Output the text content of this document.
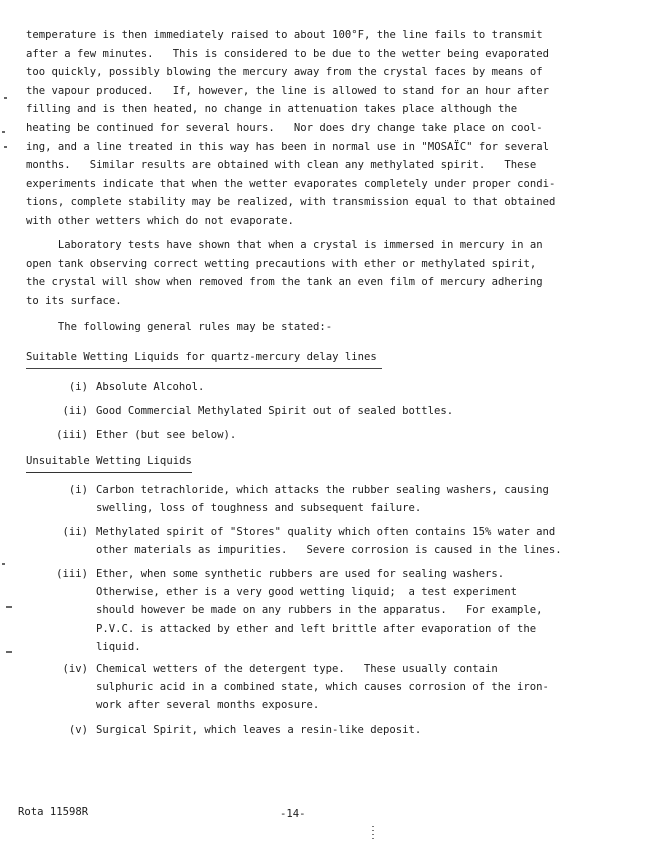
temperature is then immediately raised to about 100°F, the line fails to transmit
after a few minutes.   This is considered to be due to the wetter being evaporated
too quickly, possibly blowing the mercury away from the crystal faces by means of
the vapour produced.   If, however, the line is allowed to stand for an hour after
filling and is then heated, no change in attenuation takes place although the
heating be continued for several hours.   Nor does dry change take place on cool-
ing, and a line treated in this way has been in normal use in "MOSAÏC" for several
months.   Similar results are obtained with clean any methylated spirit.   These
experiments indicate that when the wetter evaporates completely under proper condi-
tions, complete stability may be realized, with transmission equal to that obtained
with other wetters which do not evaporate.
Laboratory tests have shown that when a crystal is immersed in mercury in an
open tank observing correct wetting precautions with ether or methylated spirit,
the crystal will show when removed from the tank an even film of mercury adhering
to its surface.
The following general rules may be stated:-
Suitable Wetting Liquids for quartz-mercury delay lines
(i) Absolute Alcohol.
(ii) Good Commercial Methylated Spirit out of sealed bottles.
(iii) Ether (but see below).
Unsuitable Wetting Liquids
(i) Carbon tetrachloride, which attacks the rubber sealing washers, causing
swelling, loss of toughness and subsequent failure.
(ii) Methylated spirit of "Stores" quality which often contains 15% water and
other materials as impurities.   Severe corrosion is caused in the lines.
(iii) Ether, when some synthetic rubbers are used for sealing washers.
Otherwise, ether is a very good wetting liquid;  a test experiment
should however be made on any rubbers in the apparatus.   For example,
P.V.C. is attacked by ether and left brittle after evaporation of the
liquid.
(iv) Chemical wetters of the detergent type.   These usually contain
sulphuric acid in a combined state, which causes corrosion of the iron-
work after several months exposure.
(v) Surgical Spirit, which leaves a resin-like deposit.
Rota 11598R	-14-
